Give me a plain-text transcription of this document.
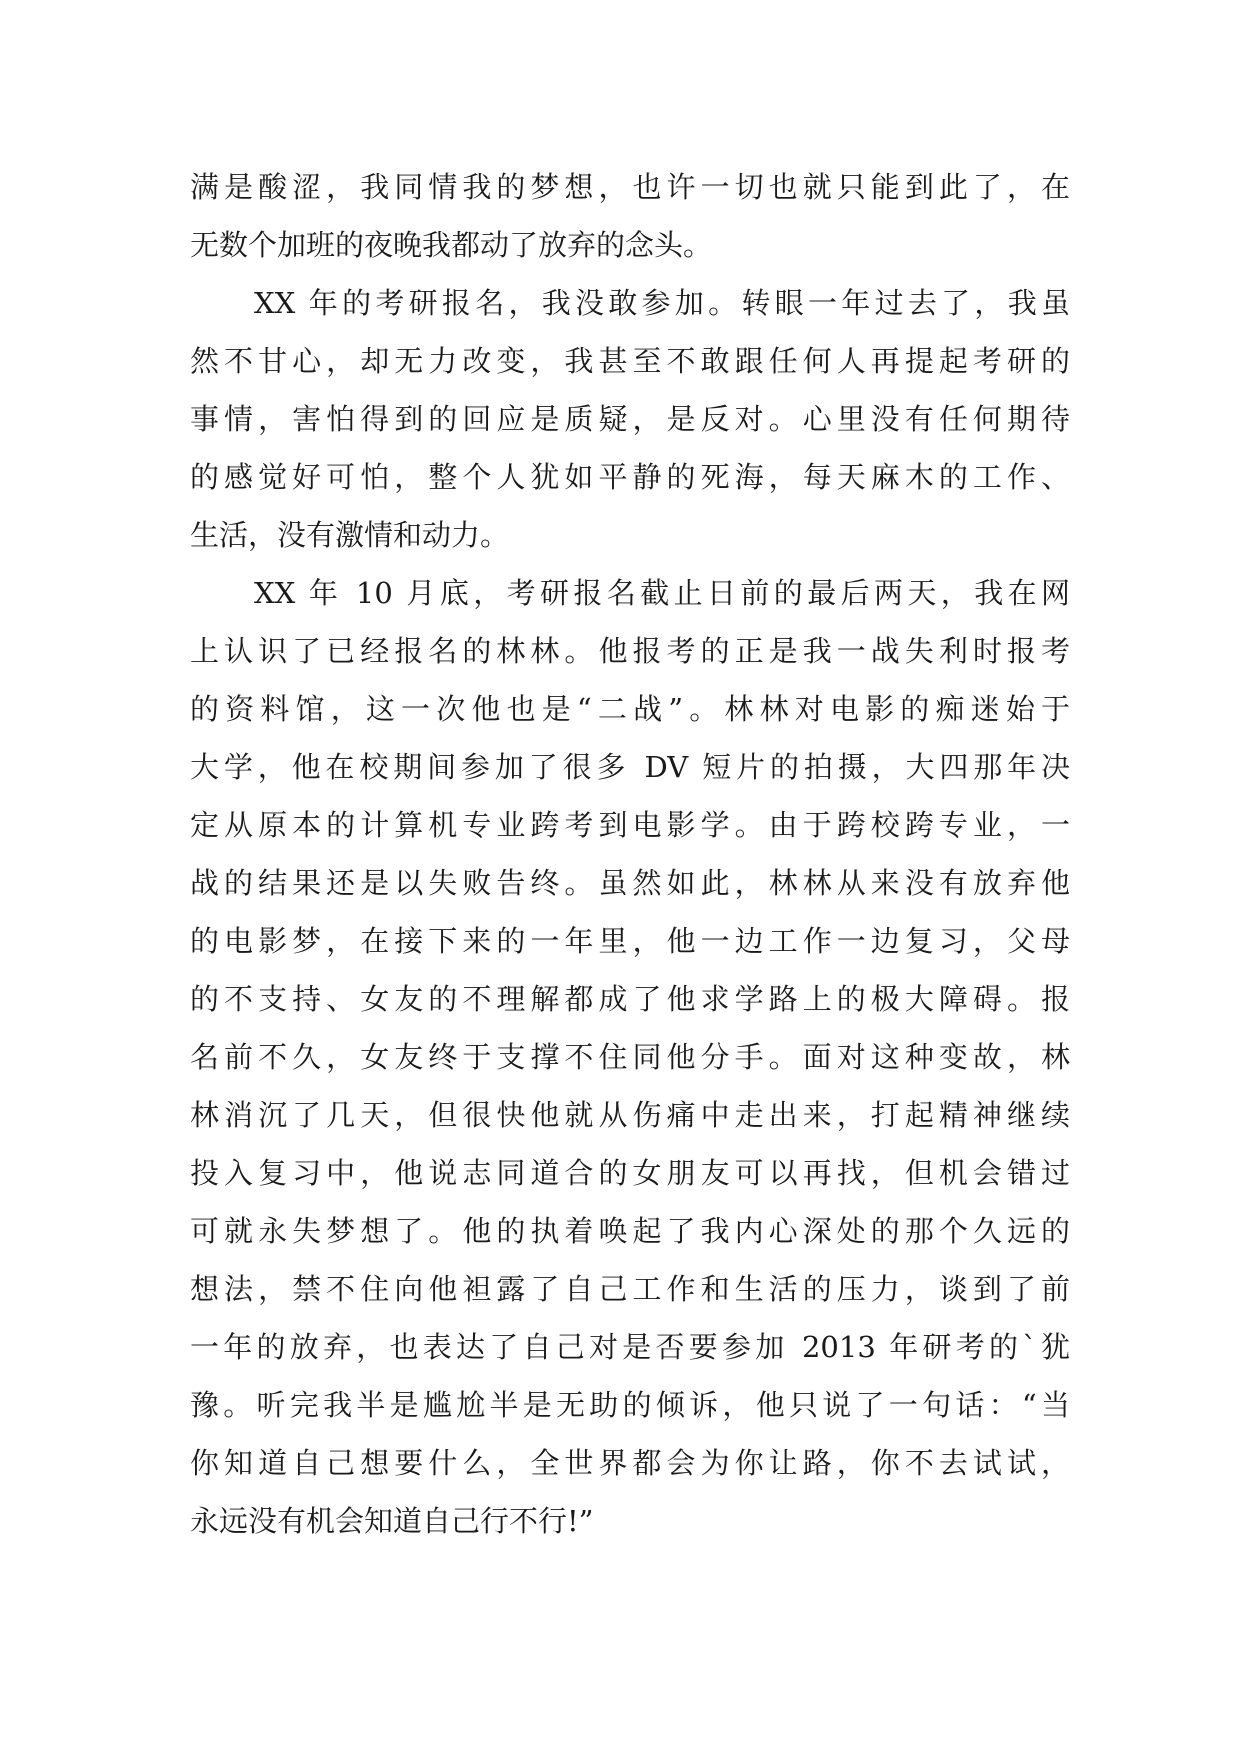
满是酸涩，我同情我的梦想，也许一切也就只能到此了，在
无数个加班的夜晚我都动了放弃的念头。
XX 年的考研报名，我没敢参加。转眼一年过去了，我虽
然不甘心，却无力改变，我甚至不敢跟任何人再提起考研的
事情，害怕得到的回应是质疑，是反对。心里没有任何期待
的感觉好可怕，整个人犹如平静的死海，每天麻木的工作、
生活，没有激情和动力。
XX 年 10 月底，考研报名截止日前的最后两天，我在网
上认识了已经报名的林林。他报考的正是我一战失利时报考
的资料馆，这一次他也是“二战”。林林对电影的痴迷始于
大学，他在校期间参加了很多 DV 短片的拍摄，大四那年决
定从原本的计算机专业跨考到电影学。由于跨校跨专业，一
战的结果还是以失败告终。虽然如此，林林从来没有放弃他
的电影梦，在接下来的一年里，他一边工作一边复习，父母
的不支持、女友的不理解都成了他求学路上的极大障碍。报
名前不久，女友终于支撑不住同他分手。面对这种变故，林
林消沉了几天，但很快他就从伤痛中走出来，打起精神继续
投入复习中，他说志同道合的女朋友可以再找，但机会错过
可就永失梦想了。他的执着唤起了我内心深处的那个久远的
想法，禁不住向他袒露了自己工作和生活的压力，谈到了前
一年的放弃，也表达了自己对是否要参加 2013 年研考的`犹
豫。听完我半是尴尬半是无助的倾诉，他只说了一句话：“当
你知道自己想要什么，全世界都会为你让路，你不去试试，
永远没有机会知道自己行不行!”
